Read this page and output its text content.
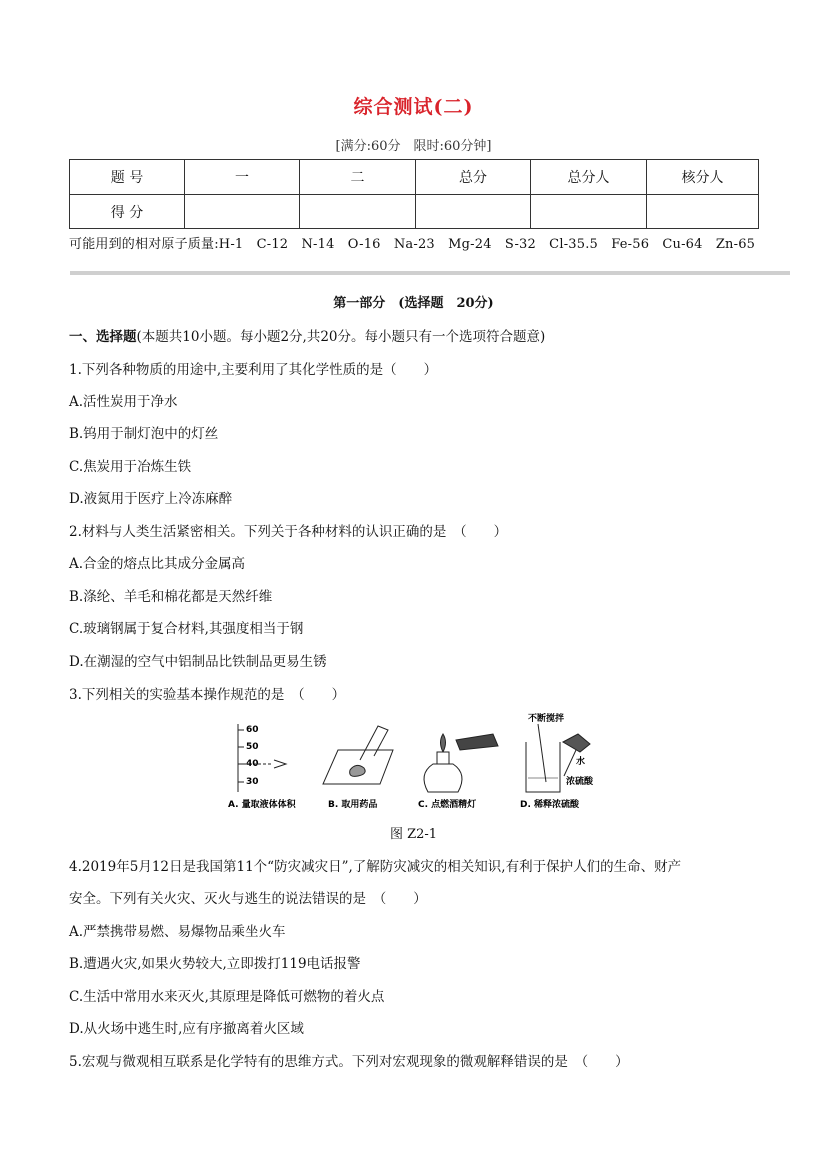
综合测试(二)
[满分:60分　限时:60分钟]
题 号	一	二	总分	总分人	核分人
得 分					
可能用到的相对原子质量:H-1　C-12　N-14　O-16　Na-23　Mg-24　S-32　Cl-35.5　Fe-56　Cu-64　Zn-65
第一部分　(选择题　20分)
一、选择题(本题共10小题。每小题2分,共20分。每小题只有一个选项符合题意)
1.下列各种物质的用途中,主要利用了其化学性质的是（　　）
A.活性炭用于净水
B.钨用于制灯泡中的灯丝
C.焦炭用于冶炼生铁
D.液氮用于医疗上冷冻麻醉
2.材料与人类生活紧密相关。下列关于各种材料的认识正确的是　（　　）
A.合金的熔点比其成分金属高
B.涤纶、羊毛和棉花都是天然纤维
C.玻璃钢属于复合材料,其强度相当于钢
D.在潮湿的空气中铝制品比铁制品更易生锈
3.下列相关的实验基本操作规范的是　（　　）
60
50
40
30
不断搅拌
水
浓硫酸
A. 量取液体体积	B. 取用药品	C. 点燃酒精灯	D. 稀释浓硫酸
图 Z2-1
4.2019年5月12日是我国第11个“防灾减灾日”,了解防灾减灾的相关知识,有利于保护人们的生命、财产
安全。下列有关火灾、灭火与逃生的说法错误的是　（　　）
A.严禁携带易燃、易爆物品乘坐火车
B.遭遇火灾,如果火势较大,立即拨打119电话报警
C.生活中常用水来灭火,其原理是降低可燃物的着火点
D.从火场中逃生时,应有序撤离着火区域
5.宏观与微观相互联系是化学特有的思维方式。下列对宏观现象的微观解释错误的是　（　　）
